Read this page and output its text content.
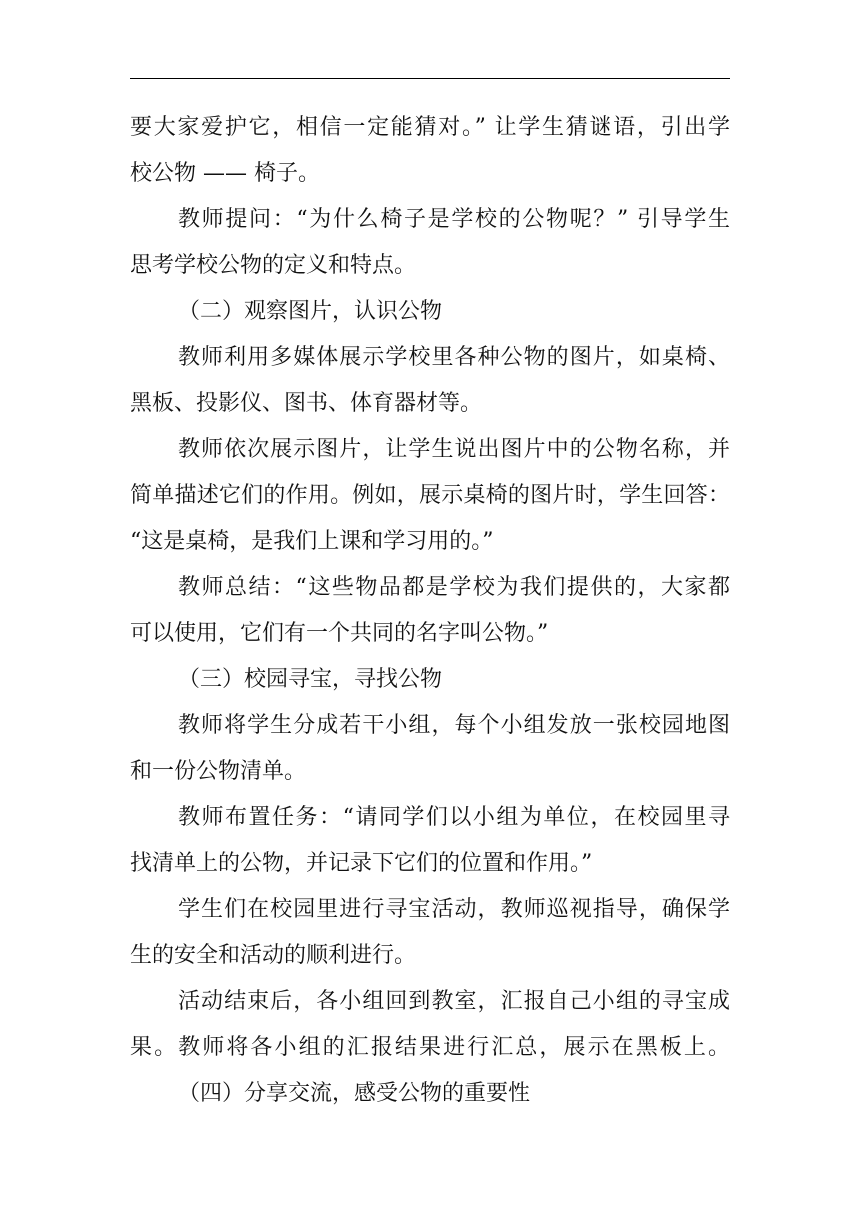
要大家爱护它，相信一定能猜对。” 让学生猜谜语，引出学
校公物 —— 椅子。
教师提问：“为什么椅子是学校的公物呢？” 引导学生
思考学校公物的定义和特点。
（二）观察图片，认识公物
教师利用多媒体展示学校里各种公物的图片，如桌椅、
黑板、投影仪、图书、体育器材等。
教师依次展示图片，让学生说出图片中的公物名称，并
简单描述它们的作用。例如，展示桌椅的图片时，学生回答：
“这是桌椅，是我们上课和学习用的。”
教师总结：“这些物品都是学校为我们提供的，大家都
可以使用，它们有一个共同的名字叫公物。”
（三）校园寻宝，寻找公物
教师将学生分成若干小组，每个小组发放一张校园地图
和一份公物清单。
教师布置任务：“请同学们以小组为单位，在校园里寻
找清单上的公物，并记录下它们的位置和作用。”
学生们在校园里进行寻宝活动，教师巡视指导，确保学
生的安全和活动的顺利进行。
活动结束后，各小组回到教室，汇报自己小组的寻宝成
果。教师将各小组的汇报结果进行汇总，展示在黑板上。
（四）分享交流，感受公物的重要性
